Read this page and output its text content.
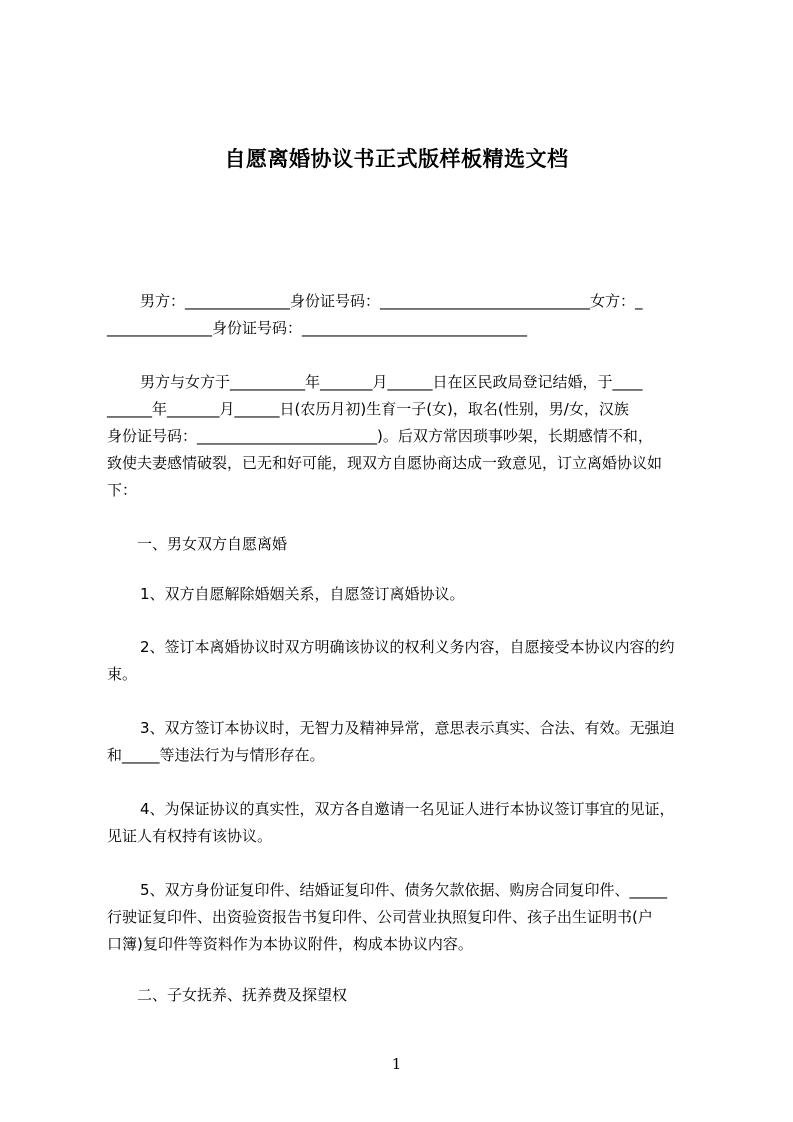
自愿离婚协议书正式版样板精选文档
男方：______________身份证号码：____________________________女方：_
______________身份证号码：______________________________
男方与女方于__________年_______月______日在区民政局登记结婚，于____
______年_______月______日(农历月初)生育一子(女)，取名(性别，男/女，汉族
身份证号码：________________________)。后双方常因琐事吵架，长期感情不和，
致使夫妻感情破裂，已无和好可能，现双方自愿协商达成一致意见，订立离婚协议如
下：
一、男女双方自愿离婚
1、双方自愿解除婚姻关系，自愿签订离婚协议。
2、签订本离婚协议时双方明确该协议的权利义务内容，自愿接受本协议内容的约
束。
3、双方签订本协议时，无智力及精神异常，意思表示真实、合法、有效。无强迫
和_____等违法行为与情形存在。
4、为保证协议的真实性，双方各自邀请一名见证人进行本协议签订事宜的见证，
见证人有权持有该协议。
5、双方身份证复印件、结婚证复印件、债务欠款依据、购房合同复印件、_____
行驶证复印件、出资验资报告书复印件、公司营业执照复印件、孩子出生证明书(户
口簿)复印件等资料作为本协议附件，构成本协议内容。
二、子女抚养、抚养费及探望权
1
